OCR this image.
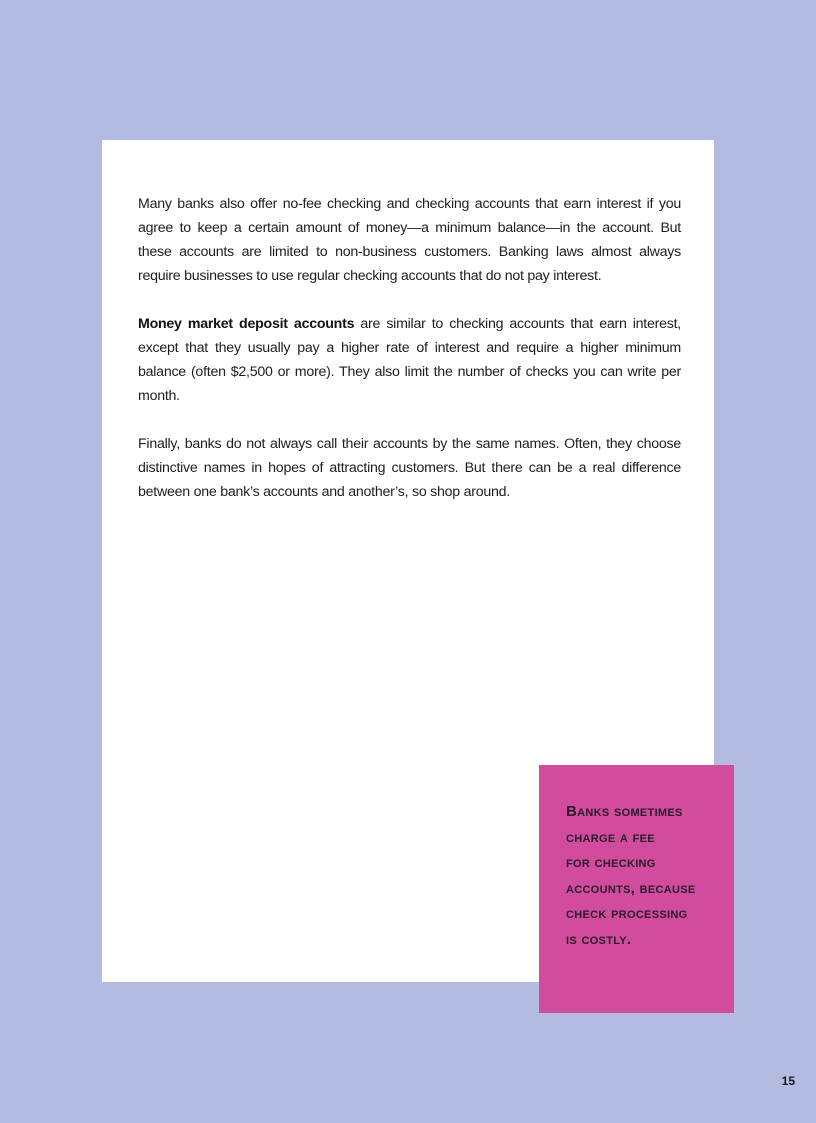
Many banks also offer no-fee checking and checking accounts that earn interest if you agree to keep a certain amount of money—a minimum balance—in the account. But these accounts are limited to non-business customers. Banking laws almost always require businesses to use regular checking accounts that do not pay interest.

Money market deposit accounts are similar to checking accounts that earn interest, except that they usually pay a higher rate of interest and require a higher minimum balance (often $2,500 or more). They also limit the number of checks you can write per month.

Finally, banks do not always call their accounts by the same names. Often, they choose distinctive names in hopes of attracting customers. But there can be a real difference between one bank’s accounts and another’s, so shop around.

Banks sometimes
charge a fee
for checking
accounts, because
check processing
is costly.

15
